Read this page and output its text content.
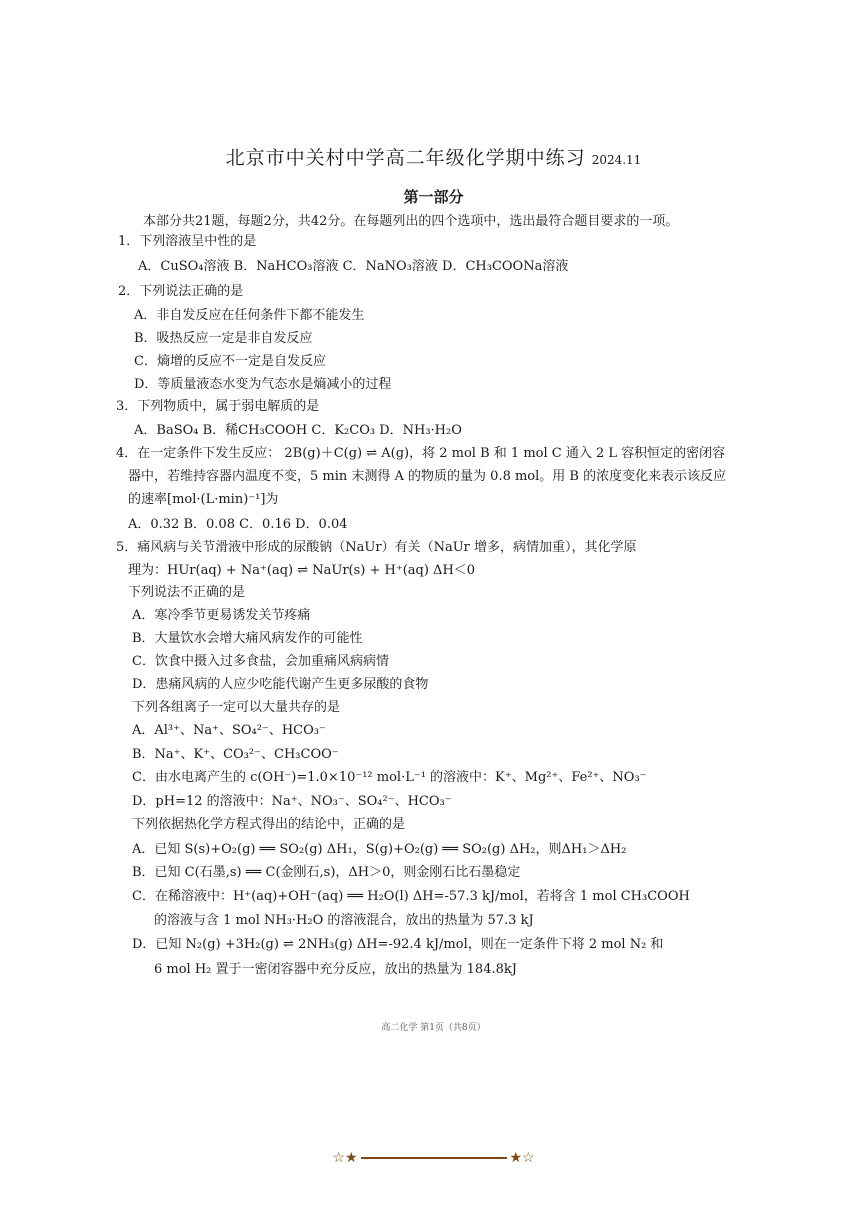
北京市中关村中学高二年级化学期中练习 2024.11
第一部分
本部分共21题，每题2分，共42分。在每题列出的四个选项中，选出最符合题目要求的一项。
1．下列溶液呈中性的是
A．CuSO₄溶液 B．NaHCO₃溶液 C．NaNO₃溶液 D．CH₃COONa溶液
2．下列说法正确的是
A．非自发反应在任何条件下都不能发生
B．吸热反应一定是非自发反应
C．熵增的反应不一定是自发反应
D．等质量液态水变为气态水是熵减小的过程
3．下列物质中，属于弱电解质的是
A．BaSO₄ B．稀CH₃COOH C．K₂CO₃ D．NH₃·H₂O
4．在一定条件下发生反应： 2B(g)＋C(g) ⇌ A(g)，将 2 mol B 和 1 mol C 通入 2 L 容积恒定的密闭容
器中，若维持容器内温度不变，5 min 末测得 A 的物质的量为 0.8 mol。用 B 的浓度变化来表示该反应
的速率[mol·(L·min)⁻¹]为
A．0.32 B．0.08 C．0.16 D．0.04
5．痛风病与关节滑液中形成的尿酸钠（NaUr）有关（NaUr 增多，病情加重），其化学原
理为：HUr(aq) + Na⁺(aq) ⇌ NaUr(s) + H⁺(aq) ΔH＜0
下列说法不正确的是
A．寒冷季节更易诱发关节疼痛
B．大量饮水会增大痛风病发作的可能性
C．饮食中摄入过多食盐，会加重痛风病病情
D．患痛风病的人应少吃能代谢产生更多尿酸的食物
下列各组离子一定可以大量共存的是
A．Al³⁺、Na⁺、SO₄²⁻、HCO₃⁻
B．Na⁺、K⁺、CO₃²⁻、CH₃COO⁻
C．由水电离产生的 c(OH⁻)=1.0×10⁻¹² mol·L⁻¹ 的溶液中：K⁺、Mg²⁺、Fe²⁺、NO₃⁻
D．pH=12 的溶液中：Na⁺、NO₃⁻、SO₄²⁻、HCO₃⁻
下列依据热化学方程式得出的结论中，正确的是
A．已知 S(s)+O₂(g) ══ SO₂(g) ΔH₁，S(g)+O₂(g) ══ SO₂(g) ΔH₂，则ΔH₁＞ΔH₂
B．已知 C(石墨,s) ══ C(金刚石,s)，ΔH＞0，则金刚石比石墨稳定
C．在稀溶液中：H⁺(aq)+OH⁻(aq) ══ H₂O(l) ΔH=-57.3 kJ/mol，若将含 1 mol CH₃COOH
的溶液与含 1 mol NH₃·H₂O 的溶液混合，放出的热量为 57.3 kJ
D．已知 N₂(g) +3H₂(g) ⇌ 2NH₃(g) ΔH=-92.4 kJ/mol，则在一定条件下将 2 mol N₂ 和
6 mol H₂ 置于一密闭容器中充分反应，放出的热量为 184.8kJ
高二化学 第1页（共8页）
☆★	★☆
